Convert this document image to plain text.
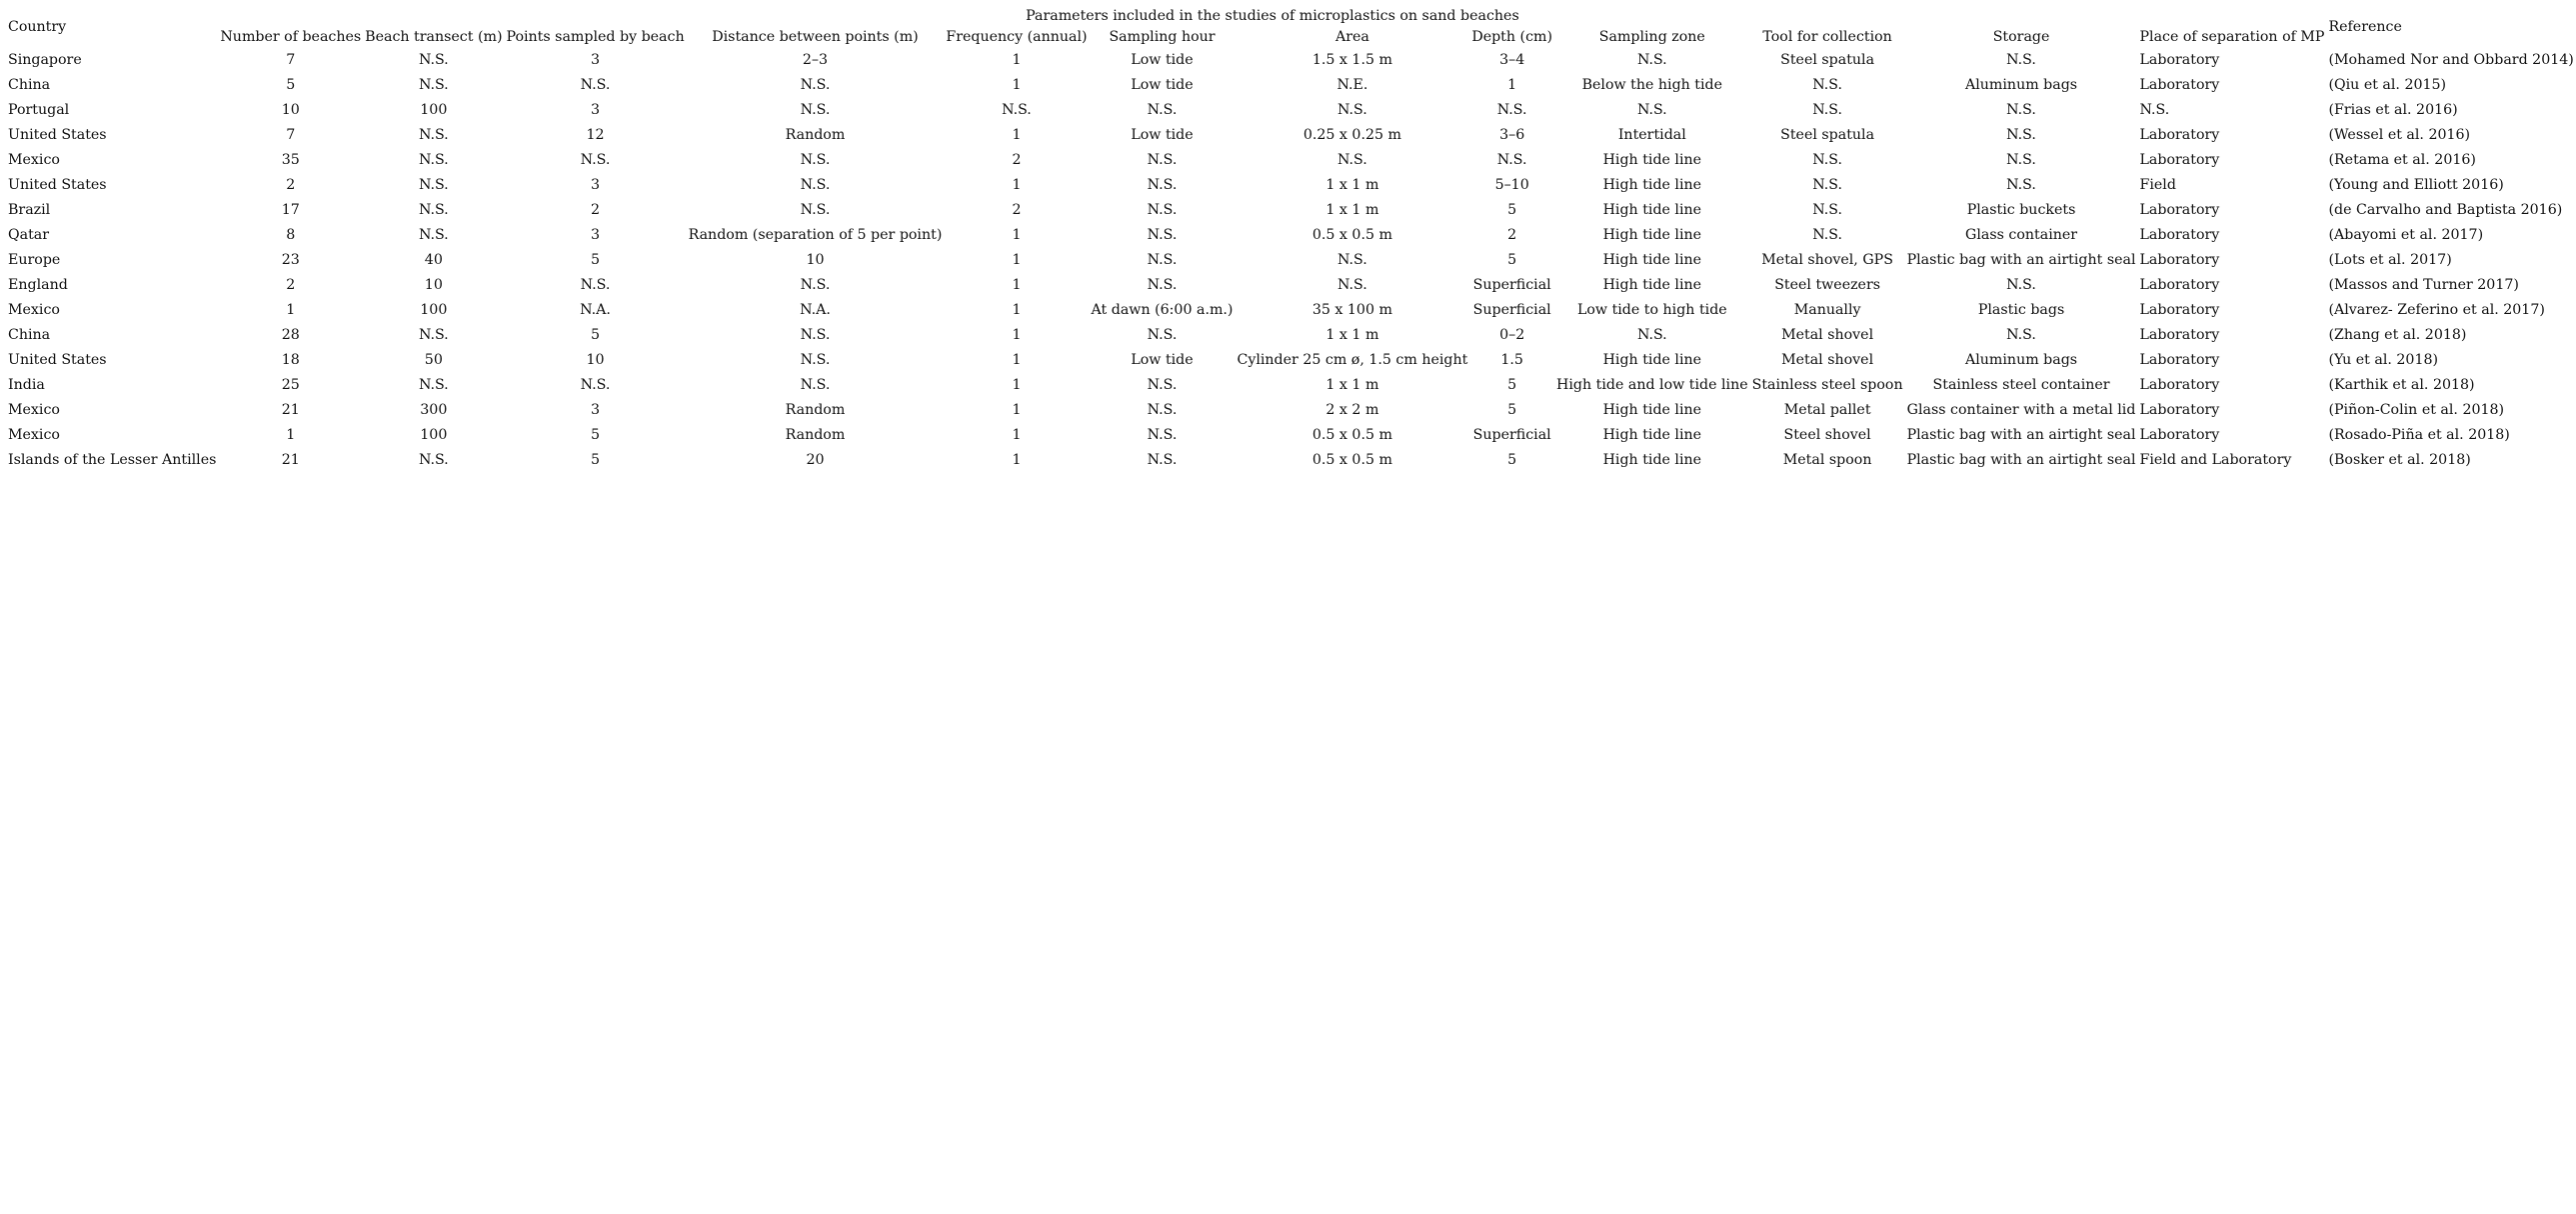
Country	Parameters included in the studies of microplastics on sand beaches												Reference
	Number of beaches	Beach transect (m)	Points sampled by beach	Distance between points (m)	Frequency (annual)	Sampling hour	Area	Depth (cm)	Sampling zone	Tool for collection	Storage	Place of separation of MP	
Singapore	7	N.S.	3	2–3	1	Low tide	1.5 x 1.5 m	3–4	N.S.	Steel spatula	N.S.	Laboratory	(Mohamed Nor and Obbard 2014)
China	5	N.S.	N.S.	N.S.	1	Low tide	N.E.	1	Below the high tide	N.S.	Aluminum bags	Laboratory	(Qiu et al. 2015)
Portugal	10	100	3	N.S.	N.S.	N.S.	N.S.	N.S.	N.S.	N.S.	N.S.	N.S.	(Frias et al. 2016)
United States	7	N.S.	12	Random	1	Low tide	0.25 x 0.25 m	3–6	Intertidal	Steel spatula	N.S.	Laboratory	(Wessel et al. 2016)
Mexico	35	N.S.	N.S.	N.S.	2	N.S.	N.S.	N.S.	High tide line	N.S.	N.S.	Laboratory	(Retama et al. 2016)
United States	2	N.S.	3	N.S.	1	N.S.	1 x 1 m	5–10	High tide line	N.S.	N.S.	Field	(Young and Elliott 2016)
Brazil	17	N.S.	2	N.S.	2	N.S.	1 x 1 m	5	High tide line	N.S.	Plastic buckets	Laboratory	(de Carvalho and Baptista 2016)
Qatar	8	N.S.	3	Random (separation of 5 per point)	1	N.S.	0.5 x 0.5 m	2	High tide line	N.S.	Glass container	Laboratory	(Abayomi et al. 2017)
Europe	23	40	5	10	1	N.S.	N.S.	5	High tide line	Metal shovel, GPS	Plastic bag with an airtight seal	Laboratory	(Lots et al. 2017)
England	2	10	N.S.	N.S.	1	N.S.	N.S.	Superficial	High tide line	Steel tweezers	N.S.	Laboratory	(Massos and Turner 2017)
Mexico	1	100	N.A.	N.A.	1	At dawn (6:00 a.m.)	35 x 100 m	Superficial	Low tide to high tide	Manually	Plastic bags	Laboratory	(Alvarez- Zeferino et al. 2017)
China	28	N.S.	5	N.S.	1	N.S.	1 x 1 m	0–2	N.S.	Metal shovel	N.S.	Laboratory	(Zhang et al. 2018)
United States	18	50	10	N.S.	1	Low tide	Cylinder 25 cm ø, 1.5 cm height	1.5	High tide line	Metal shovel	Aluminum bags	Laboratory	(Yu et al. 2018)
India	25	N.S.	N.S.	N.S.	1	N.S.	1 x 1 m	5	High tide and low tide line	Stainless steel spoon	Stainless steel container	Laboratory	(Karthik et al. 2018)
Mexico	21	300	3	Random	1	N.S.	2 x 2 m	5	High tide line	Metal pallet	Glass container with a metal lid	Laboratory	(Piñon-Colin et al. 2018)
Mexico	1	100	5	Random	1	N.S.	0.5 x 0.5 m	Superficial	High tide line	Steel shovel	Plastic bag with an airtight seal	Laboratory	(Rosado-Piña et al. 2018)
Islands of the Lesser Antilles	21	N.S.	5	20	1	N.S.	0.5 x 0.5 m	5	High tide line	Metal spoon	Plastic bag with an airtight seal	Field and Laboratory	(Bosker et al. 2018)
